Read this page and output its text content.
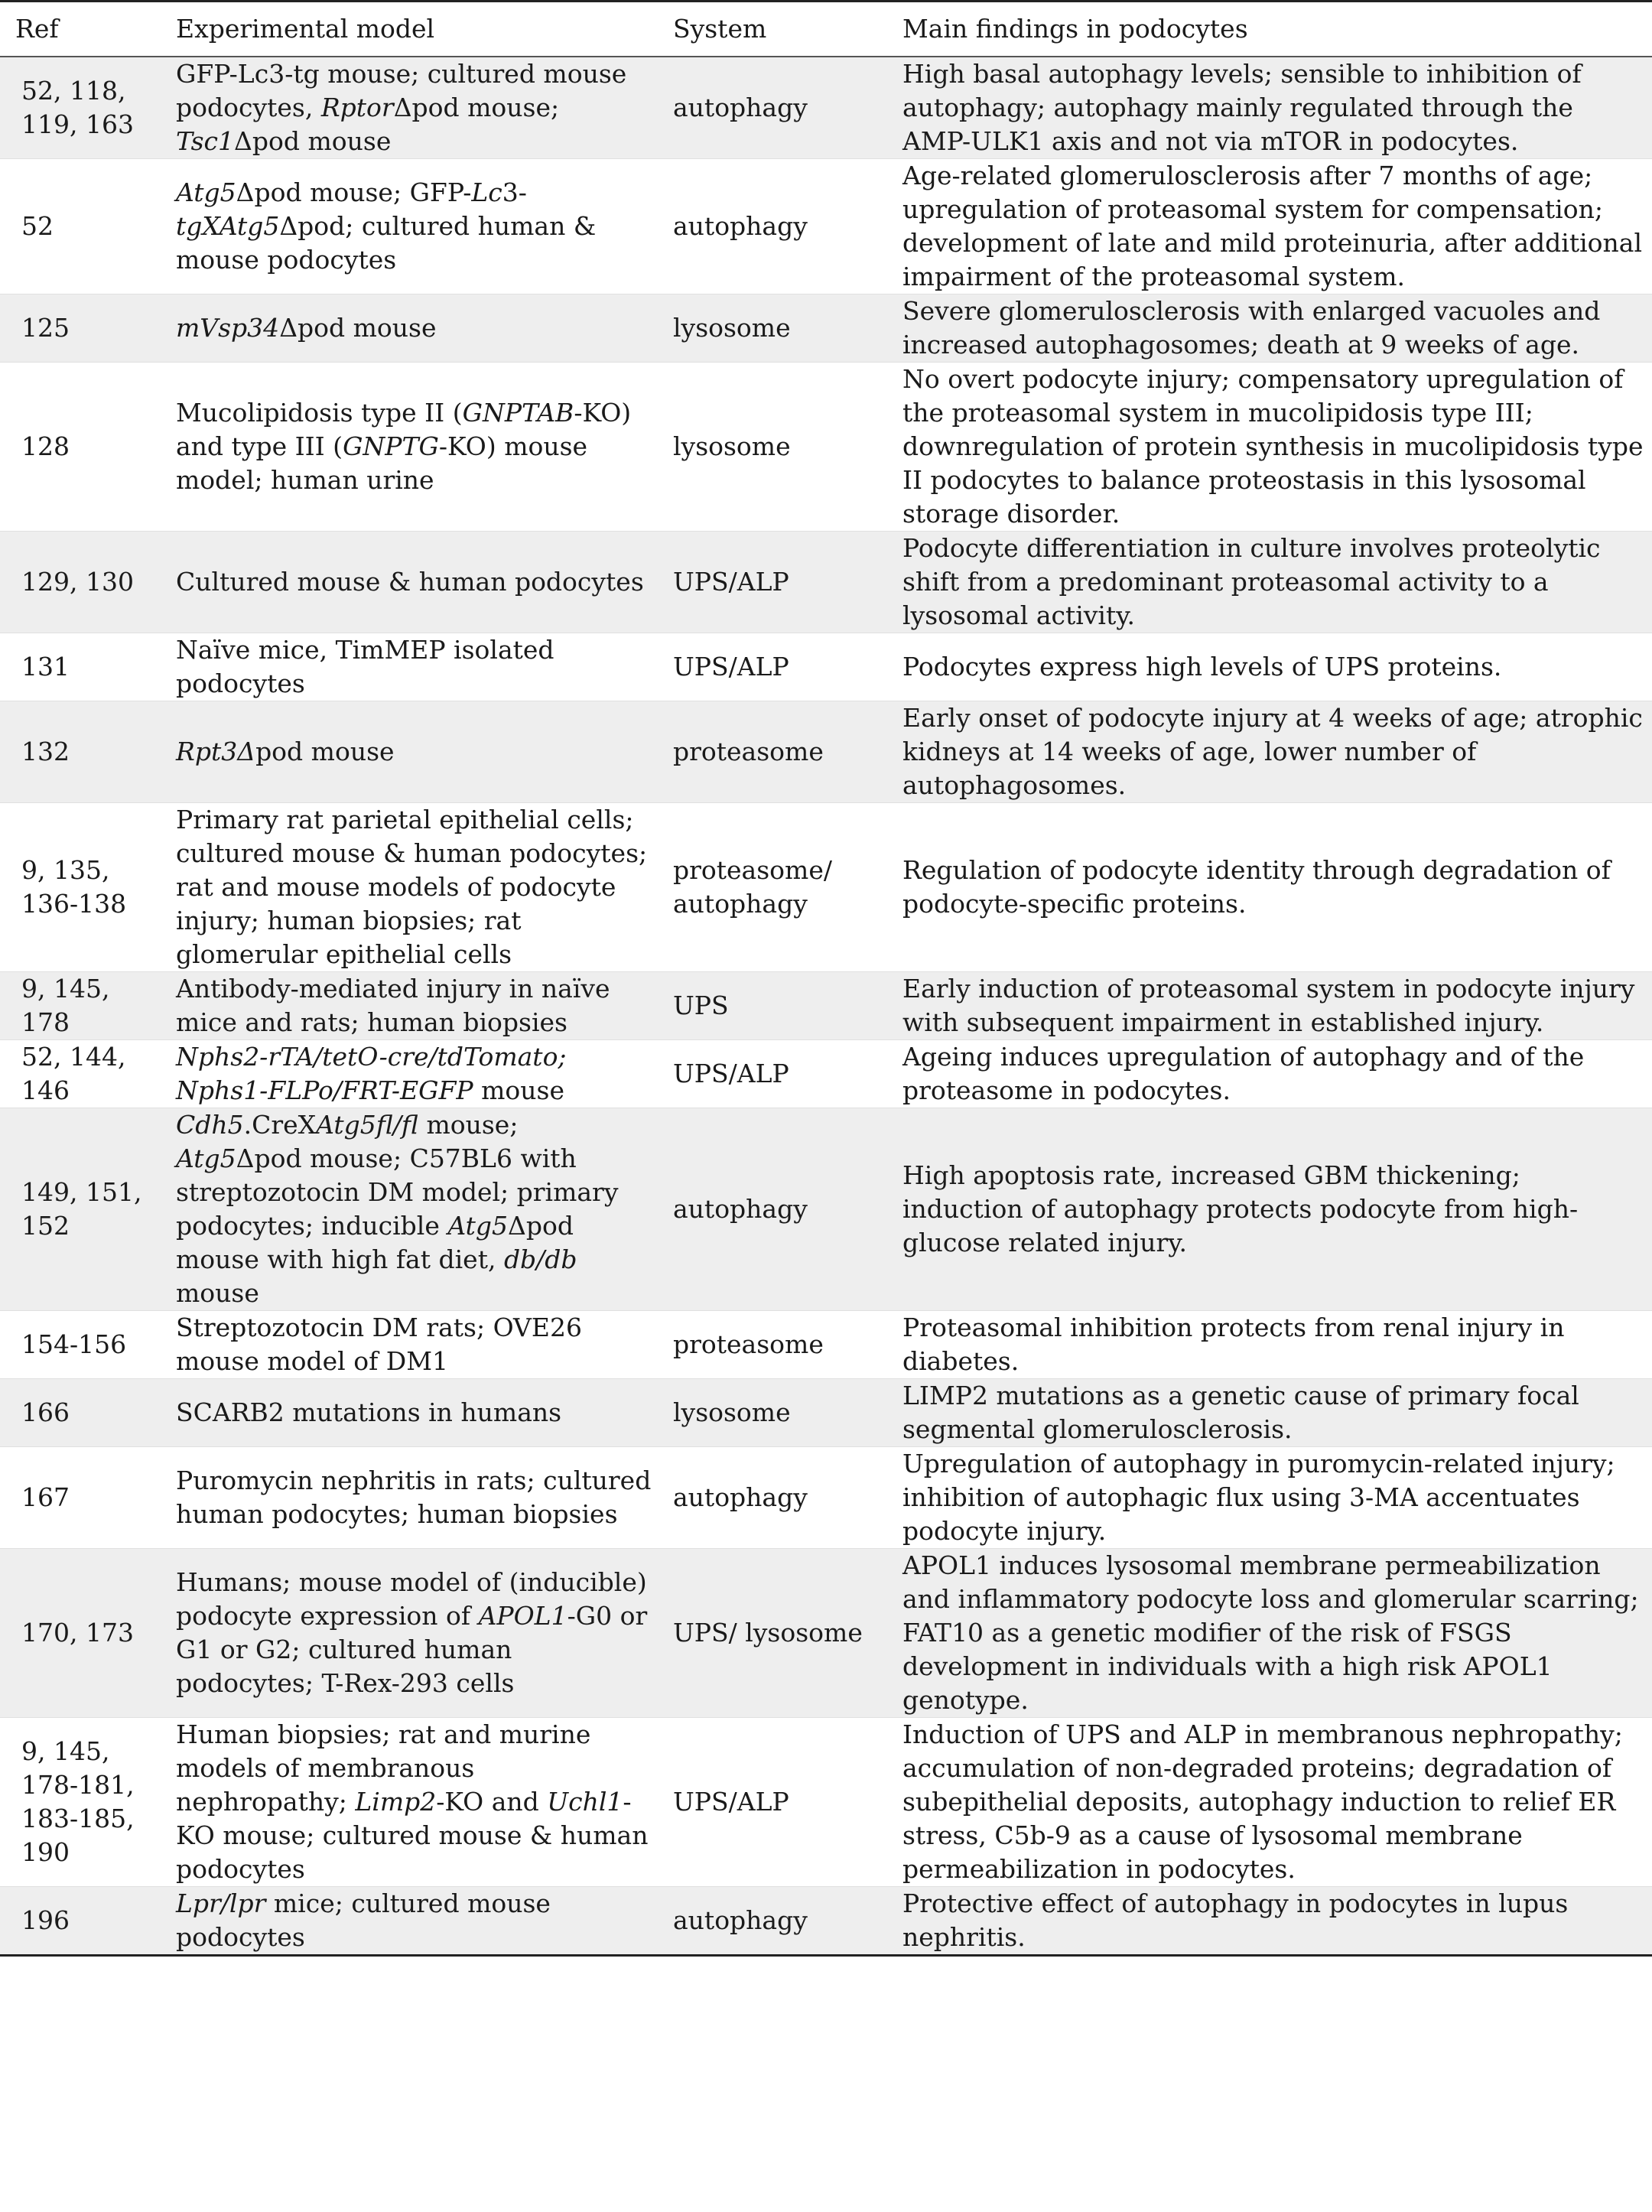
Ref	Experimental model	System	Main findings in podocytes
52, 118, 119, 163	GFP-Lc3-tg mouse; cultured mouse podocytes, RptorΔpod mouse; Tsc1Δpod mouse	autophagy	High basal autophagy levels; sensible to inhibition of autophagy; autophagy mainly regulated through the AMP-ULK1 axis and not via mTOR in podocytes.
52	Atg5Δpod mouse; GFP-Lc3-tgXAtg5Δpod; cultured human & mouse podocytes	autophagy	Age-related glomerulosclerosis after 7 months of age; upregulation of proteasomal system for compensation; development of late and mild proteinuria, after additional impairment of the proteasomal system.
125	mVsp34Δpod mouse	lysosome	Severe glomerulosclerosis with enlarged vacuoles and increased autophagosomes; death at 9 weeks of age.
128	Mucolipidosis type II (GNPTAB-KO) and type III (GNPTG-KO) mouse model; human urine	lysosome	No overt podocyte injury; compensatory upregulation of the proteasomal system in mucolipidosis type III; downregulation of protein synthesis in mucolipidosis type II podocytes to balance proteostasis in this lysosomal storage disorder.
129, 130	Cultured mouse & human podocytes	UPS/ALP	Podocyte differentiation in culture involves proteolytic shift from a predominant proteasomal activity to a lysosomal activity.
131	Naïve mice, TimMEP isolated podocytes	UPS/ALP	Podocytes express high levels of UPS proteins.
132	Rpt3Δpod mouse	proteasome	Early onset of podocyte injury at 4 weeks of age; atrophic kidneys at 14 weeks of age, lower number of autophagosomes.
9, 135, 136-138	Primary rat parietal epithelial cells; cultured mouse & human podocytes; rat and mouse models of podocyte injury; human biopsies; rat glomerular epithelial cells	proteasome/ autophagy	Regulation of podocyte identity through degradation of podocyte-specific proteins.
9, 145, 178	Antibody-mediated injury in naïve mice and rats; human biopsies	UPS	Early induction of proteasomal system in podocyte injury with subsequent impairment in established injury.
52, 144, 146	Nphs2-rTA/tetO-cre/tdTomato; Nphs1-FLPo/FRT-EGFP mouse	UPS/ALP	Ageing induces upregulation of autophagy and of the proteasome in podocytes.
149, 151, 152	Cdh5.CreXAtg5fl/fl mouse; Atg5Δpod mouse; C57BL6 with streptozotocin DM model; primary podocytes; inducible Atg5Δpod mouse with high fat diet, db/db mouse	autophagy	High apoptosis rate, increased GBM thickening; induction of autophagy protects podocyte from high-glucose related injury.
154-156	Streptozotocin DM rats; OVE26 mouse model of DM1	proteasome	Proteasomal inhibition protects from renal injury in diabetes.
166	SCARB2 mutations in humans	lysosome	LIMP2 mutations as a genetic cause of primary focal segmental glomerulosclerosis.
167	Puromycin nephritis in rats; cultured human podocytes; human biopsies	autophagy	Upregulation of autophagy in puromycin-related injury; inhibition of autophagic flux using 3-MA accentuates podocyte injury.
170, 173	Humans; mouse model of (inducible) podocyte expression of APOL1-G0 or G1 or G2; cultured human podocytes; T-Rex-293 cells	UPS/ lysosome	APOL1 induces lysosomal membrane permeabilization and inflammatory podocyte loss and glomerular scarring; FAT10 as a genetic modifier of the risk of FSGS development in individuals with a high risk APOL1 genotype.
9, 145, 178-181, 183-185, 190	Human biopsies; rat and murine models of membranous nephropathy; Limp2-KO and Uchl1-KO mouse; cultured mouse & human podocytes	UPS/ALP	Induction of UPS and ALP in membranous nephropathy; accumulation of non-degraded proteins; degradation of subepithelial deposits, autophagy induction to relief ER stress, C5b-9 as a cause of lysosomal membrane permeabilization in podocytes.
196	Lpr/lpr mice; cultured mouse podocytes	autophagy	Protective effect of autophagy in podocytes in lupus nephritis.
